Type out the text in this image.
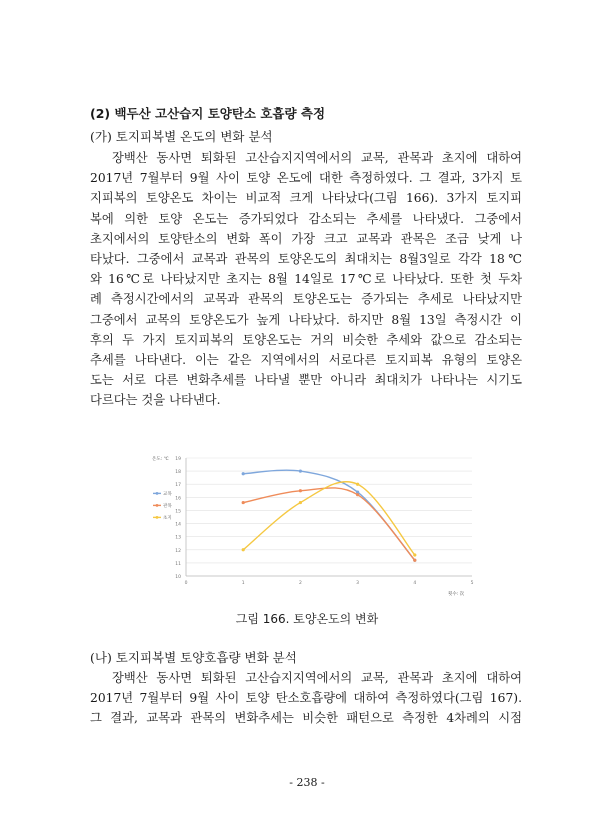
(2) 백두산 고산습지 토양탄소 호흡량 측정
(가) 토지피복별 온도의 변화 분석
장백산 동사면 퇴화된 고산습지지역에서의 교목, 관목과 초지에 대하여
2017년 7월부터 9월 사이 토양 온도에 대한 측정하였다. 그 결과, 3가지 토
지피복의 토양온도 차이는 비교적 크게 나타났다(그림 166). 3가지 토지피
복에 의한 토양 온도는 증가되었다 감소되는 추세를 나타냈다. 그중에서
초지에서의 토양탄소의 변화 폭이 가장 크고 교목과 관목은 조금 낮게 나
타났다. 그중에서 교목과 관목의 토양온도의 최대치는 8월3일로 각각 18℃
와 16℃로 나타났지만 초지는 8월 14일로 17℃로 나타났다. 또한 첫 두차
례 측정시간에서의 교목과 관목의 토양온도는 증가되는 추세로 나타났지만
그중에서 교목의 토양온도가 높게 나타났다. 하지만 8월 13일 측정시간 이
후의 두 가지 토지피복의 토양온도는 거의 비슷한 추세와 값으로 감소되는
추세를 나타낸다. 이는 같은 지역에서의 서로다른 토지피복 유형의 토양온
도는 서로 다른 변화추세를 나타낼 뿐만 아니라 최대치가 나타나는 시기도
다르다는 것을 나타낸다.
10
11
12
13
14
15
16
17
18
19
0	1	2	3	4	5
온도: ℃
횟수: 次
교목
관목
초지
그림 166. 토양온도의 변화
(나) 토지피복별 토양호흡량 변화 분석
장백산 동사면 퇴화된 고산습지지역에서의 교목, 관목과 초지에 대하여
2017년 7월부터 9월 사이 토양 탄소호흡량에 대하여 측정하였다(그림 167).
그 결과, 교목과 관목의 변화추세는 비슷한 패턴으로 측정한 4차례의 시점
- 238 -
